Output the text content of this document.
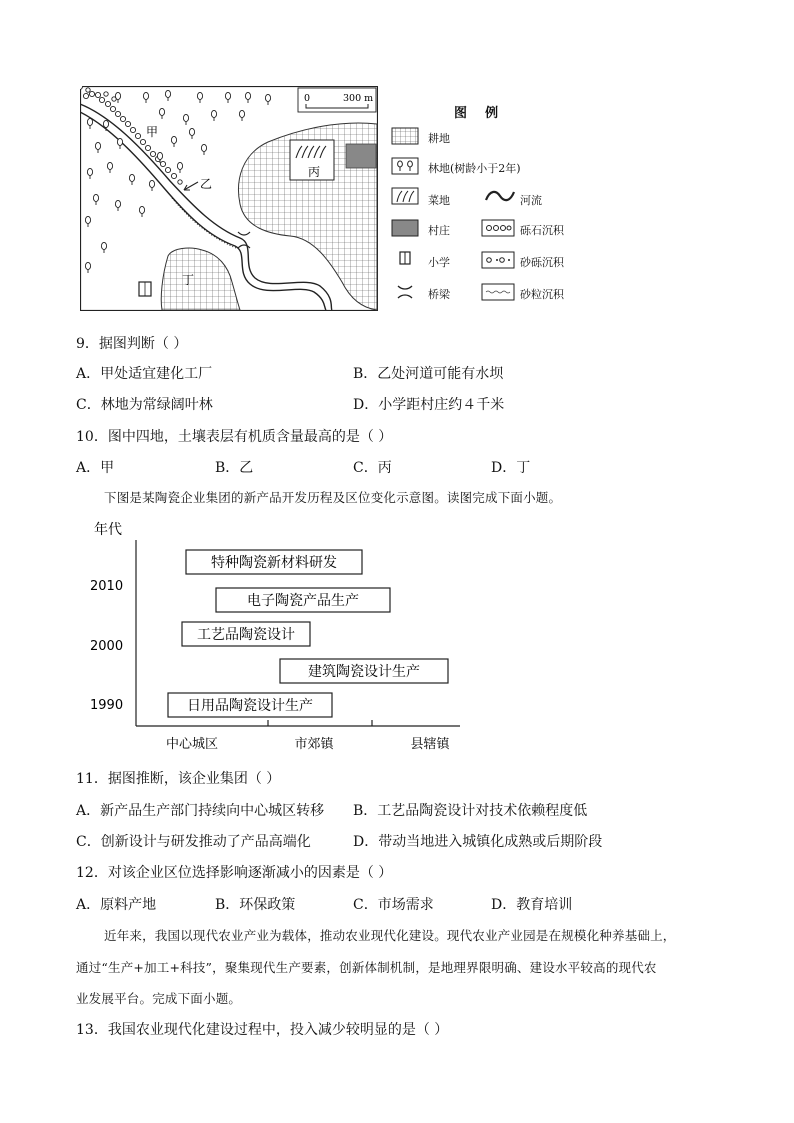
0	300 m
甲
乙
丙
丁
图    例
耕地
林地(树龄小于2年)
菜地	河流
村庄	砾石沉积
小学	砂砾沉积
桥梁	砂粒沉积
9．据图判断（ ）
A．甲处适宜建化工厂	B．乙处河道可能有水坝
C．林地为常绿阔叶林	D．小学距村庄约４千米
10．图中四地，土壤表层有机质含量最高的是（ ）
A．甲	B．乙	C．丙	D．丁
下图是某陶瓷企业集团的新产品开发历程及区位变化示意图。读图完成下面小题。
年代
2010
2000
1990
中心城区	市郊镇	县辖镇
特种陶瓷新材料研发
电子陶瓷产品生产
工艺品陶瓷设计
建筑陶瓷设计生产
日用品陶瓷设计生产
11．据图推断，该企业集团（ ）
A．新产品生产部门持续向中心城区转移 B．工艺品陶瓷设计对技术依赖程度低
C．创新设计与研发推动了产品高端化	D．带动当地进入城镇化成熟或后期阶段
12．对该企业区位选择影响逐渐减小的因素是（ ）
A．原料产地	B．环保政策	C．市场需求	D．教育培训
近年来，我国以现代农业产业为载体，推动农业现代化建设。现代农业产业园是在规模化种养基础上，
通过“生产+加工+科技”，聚集现代生产要素，创新体制机制，是地理界限明确、建设水平较高的现代农
业发展平台。完成下面小题。
13．我国农业现代化建设过程中，投入减少较明显的是（ ）
